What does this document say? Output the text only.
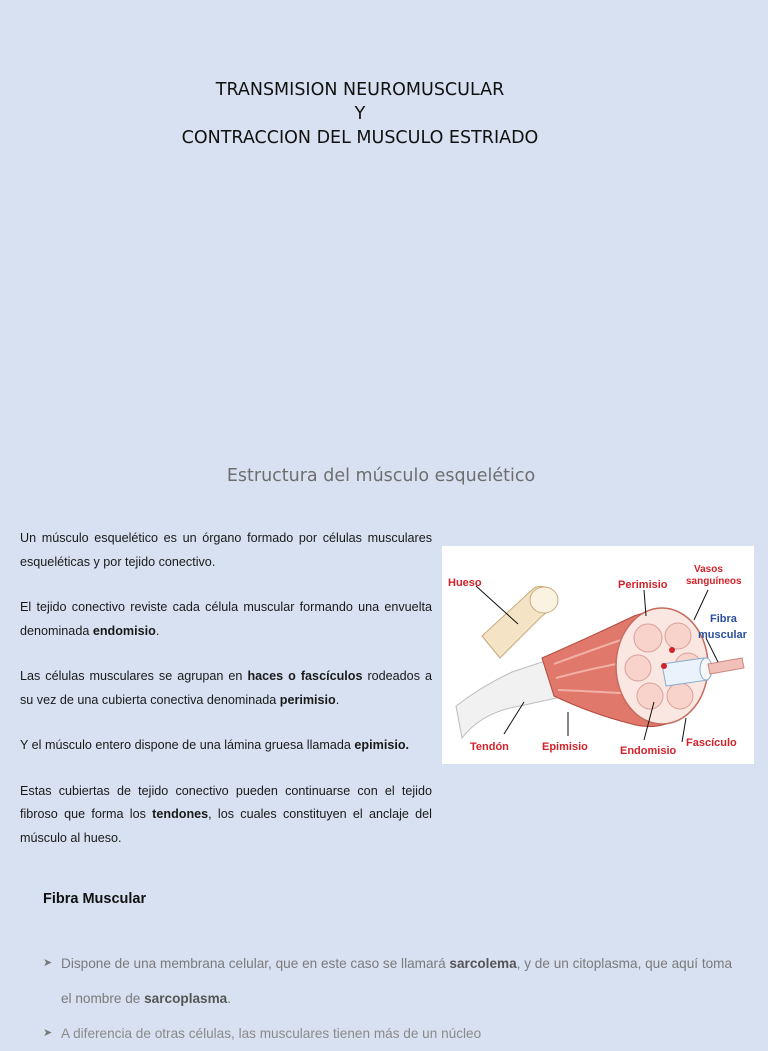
TRANSMISION NEUROMUSCULAR
Y
CONTRACCION DEL MUSCULO ESTRIADO
Estructura del músculo esquelético

Un músculo esquelético es un órgano formado por células musculares esqueléticas y por tejido conectivo.

El tejido conectivo reviste cada célula muscular formando una envuelta denominada endomisio.

Las células musculares se agrupan en haces o fascículos rodeados a su vez de una cubierta conectiva denominada perimisio.

Y el músculo entero dispone de una lámina gruesa llamada epimisio.

Estas cubiertas de tejido conectivo pueden continuarse con el tejido fibroso que forma los tendones, los cuales constituyen el anclaje del músculo al hueso.

Hueso	Perimisio
Vasos
sanguíneos
Fibra
muscular
Tendón	Epimisio	Endomisio
Fascículo
Fibra Muscular
➤ Dispone de una membrana celular, que en este caso se llamará sarcolema, y de un citoplasma, que aquí toma el nombre de sarcoplasma.
➤ A diferencia de otras células, las musculares tienen más de un núcleo
